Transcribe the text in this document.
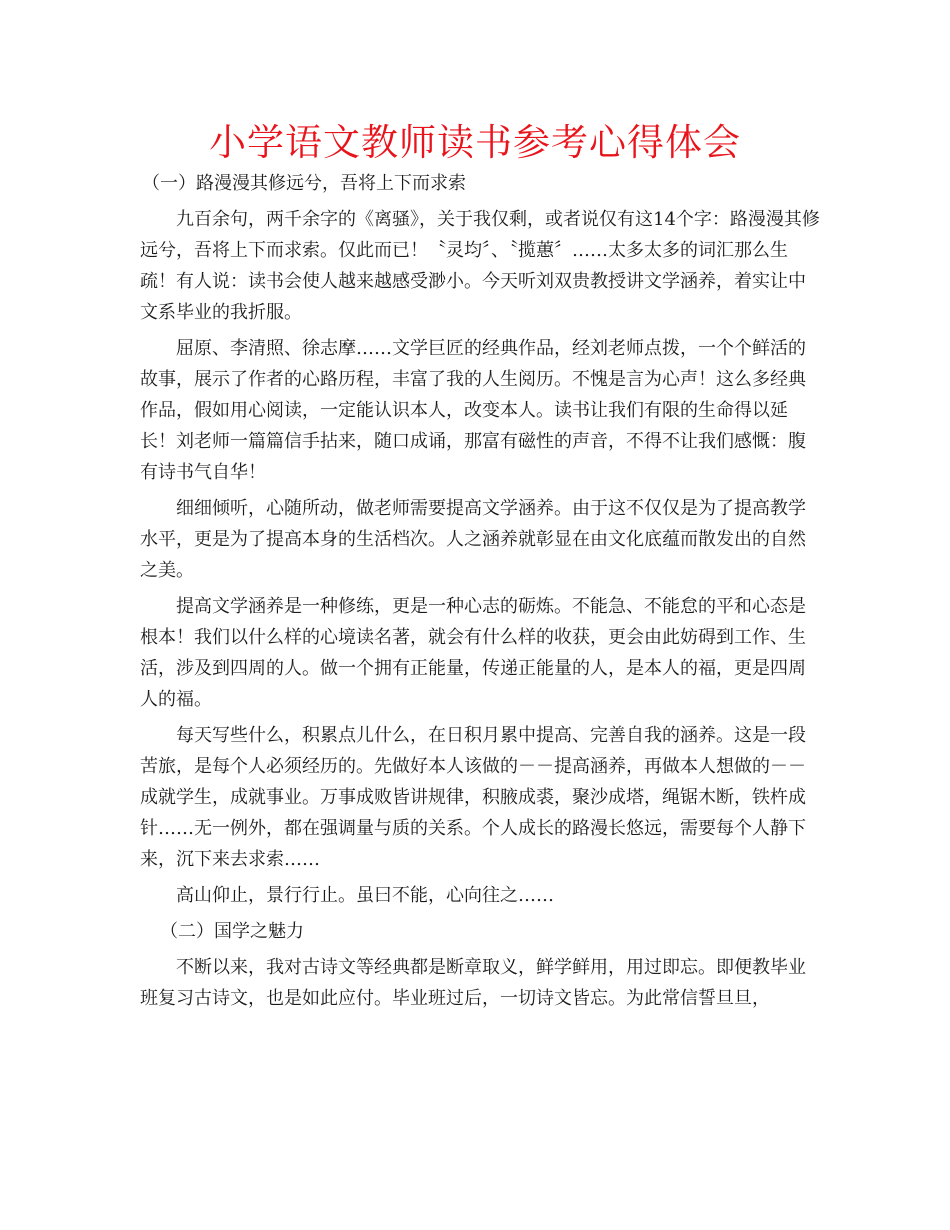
小学语文教师读书参考心得体会

（一）路漫漫其修远兮，吾将上下而求索

九百余句，两千余字的《离骚》，关于我仅剩，或者说仅有这14个字：路漫漫其修远兮，吾将上下而求索。仅此而已！〝灵均〞、〝揽蕙〞……太多太多的词汇那么生疏！有人说：读书会使人越来越感受渺小。今天听刘双贵教授讲文学涵养，着实让中文系毕业的我折服。

屈原、李清照、徐志摩……文学巨匠的经典作品，经刘老师点拨，一个个鲜活的故事，展示了作者的心路历程，丰富了我的人生阅历。不愧是言为心声！这么多经典作品，假如用心阅读，一定能认识本人，改变本人。读书让我们有限的生命得以延长！刘老师一篇篇信手拈来，随口成诵，那富有磁性的声音，不得不让我们感慨：腹有诗书气自华！

细细倾听，心随所动，做老师需要提高文学涵养。由于这不仅仅是为了提高教学水平，更是为了提高本身的生活档次。人之涵养就彰显在由文化底蕴而散发出的自然之美。

提高文学涵养是一种修练，更是一种心志的砺炼。不能急、不能怠的平和心态是根本！我们以什么样的心境读名著，就会有什么样的收获，更会由此妨碍到工作、生活，涉及到四周的人。做一个拥有正能量，传递正能量的人，是本人的福，更是四周人的福。

每天写些什么，积累点儿什么，在日积月累中提高、完善自我的涵养。这是一段苦旅，是每个人必须经历的。先做好本人该做的－－提高涵养，再做本人想做的－－成就学生，成就事业。万事成败皆讲规律，积腋成裘，聚沙成塔，绳锯木断，铁杵成针……无一例外，都在强调量与质的关系。个人成长的路漫长悠远，需要每个人静下来，沉下来去求索……

高山仰止，景行行止。虽曰不能，心向往之……

（二）国学之魅力

不断以来，我对古诗文等经典都是断章取义，鲜学鲜用，用过即忘。即便教毕业班复习古诗文，也是如此应付。毕业班过后，一切诗文皆忘。为此常信誓旦旦，
